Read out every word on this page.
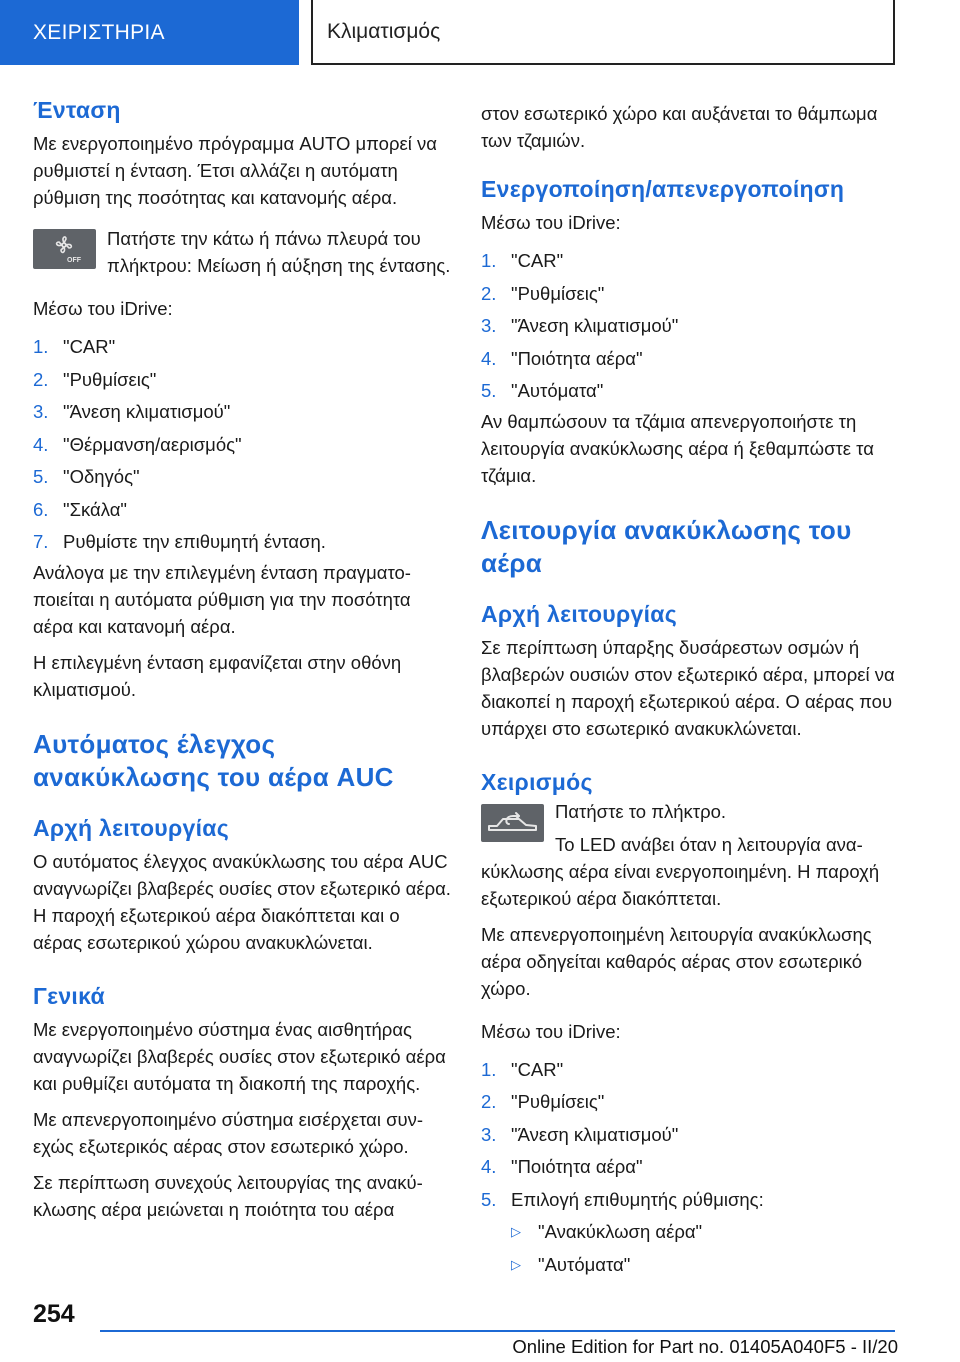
ΧΕΙΡΙΣΤΗΡΙΑ	Κλιματισμός
Ένταση

Με ενεργοποιημένο πρόγραμμα AUTO μπορεί να ρυθμιστεί η ένταση. Έτσι αλλάζει η αυτόματη ρύθμιση της ποσότητας και κατανομής αέρα.

OFF

Πατήστε την κάτω ή πάνω πλευρά του πλήκτρου: Μείωση ή αύξηση της έντασης.

Μέσω του iDrive:

1. "CAR"
2. "Ρυθμίσεις"
3. "Άνεση κλιματισμού"
4. "Θέρμανση/αερισμός"
5. "Οδηγός"
6. "Σκάλα"
7. Ρυθμίστε την επιθυμητή ένταση.

Ανάλογα με την επιλεγμένη ένταση πραγματοποιείται η αυτόματα ρύθμιση για την ποσότητα αέρα και κατανομή αέρα.

Η επιλεγμένη ένταση εμφανίζεται στην οθόνη κλιματισμού.

Αυτόματος έλεγχος ανακύκλωσης του αέρα AUC
Αρχή λειτουργίας

Ο αυτόματος έλεγχος ανακύκλωσης του αέρα AUC αναγνωρίζει βλαβερές ουσίες στον εξωτερικό αέρα. Η παροχή εξωτερικού αέρα διακόπτεται και ο αέρας εσωτερικού χώρου ανακυκλώνεται.

Γενικά

Με ενεργοποιημένο σύστημα ένας αισθητήρας αναγνωρίζει βλαβερές ουσίες στον εξωτερικό αέρα και ρυθμίζει αυτόματα τη διακοπή της παροχής.

Με απενεργοποιημένο σύστημα εισέρχεται συνεχώς εξωτερικός αέρας στον εσωτερικό χώρο.

Σε περίπτωση συνεχούς λειτουργίας της ανακύκλωσης αέρα μειώνεται η ποιότητα του αέρα

στον εσωτερικό χώρο και αυξάνεται το θάμπωμα των τζαμιών.

Ενεργοποίηση/απενεργοποίηση

Μέσω του iDrive:

1. "CAR"
2. "Ρυθμίσεις"
3. "Άνεση κλιματισμού"
4. "Ποιότητα αέρα"
5. "Αυτόματα"

Αν θαμπώσουν τα τζάμια απενεργοποιήστε τη λειτουργία ανακύκλωσης αέρα ή ξεθαμπώστε τα τζάμια.

Λειτουργία ανακύκλωσης του αέρα
Αρχή λειτουργίας

Σε περίπτωση ύπαρξης δυσάρεστων οσμών ή βλαβερών ουσιών στον εξωτερικό αέρα, μπορεί να διακοπεί η παροχή εξωτερικού αέρα. Ο αέρας που υπάρχει στο εσωτερικό ανακυκλώνεται.

Χειρισμός

Πατήστε το πλήκτρο.

Το LED ανάβει όταν η λειτουργία ανακύκλωσης αέρα είναι ενεργοποιημένη. Η παροχή εξωτερικού αέρα διακόπτεται.

Με απενεργοποιημένη λειτουργία ανακύκλωσης αέρα οδηγείται καθαρός αέρας στον εσωτερικό χώρο.

Μέσω του iDrive:

1. "CAR"
2. "Ρυθμίσεις"
3. "Άνεση κλιματισμού"
4. "Ποιότητα αέρα"
5. Επιλογή επιθυμητής ρύθμισης:
▷ "Ανακύκλωση αέρα"
▷ "Αυτόματα"
254
Online Edition for Part no. 01405A040F5 - II/20
